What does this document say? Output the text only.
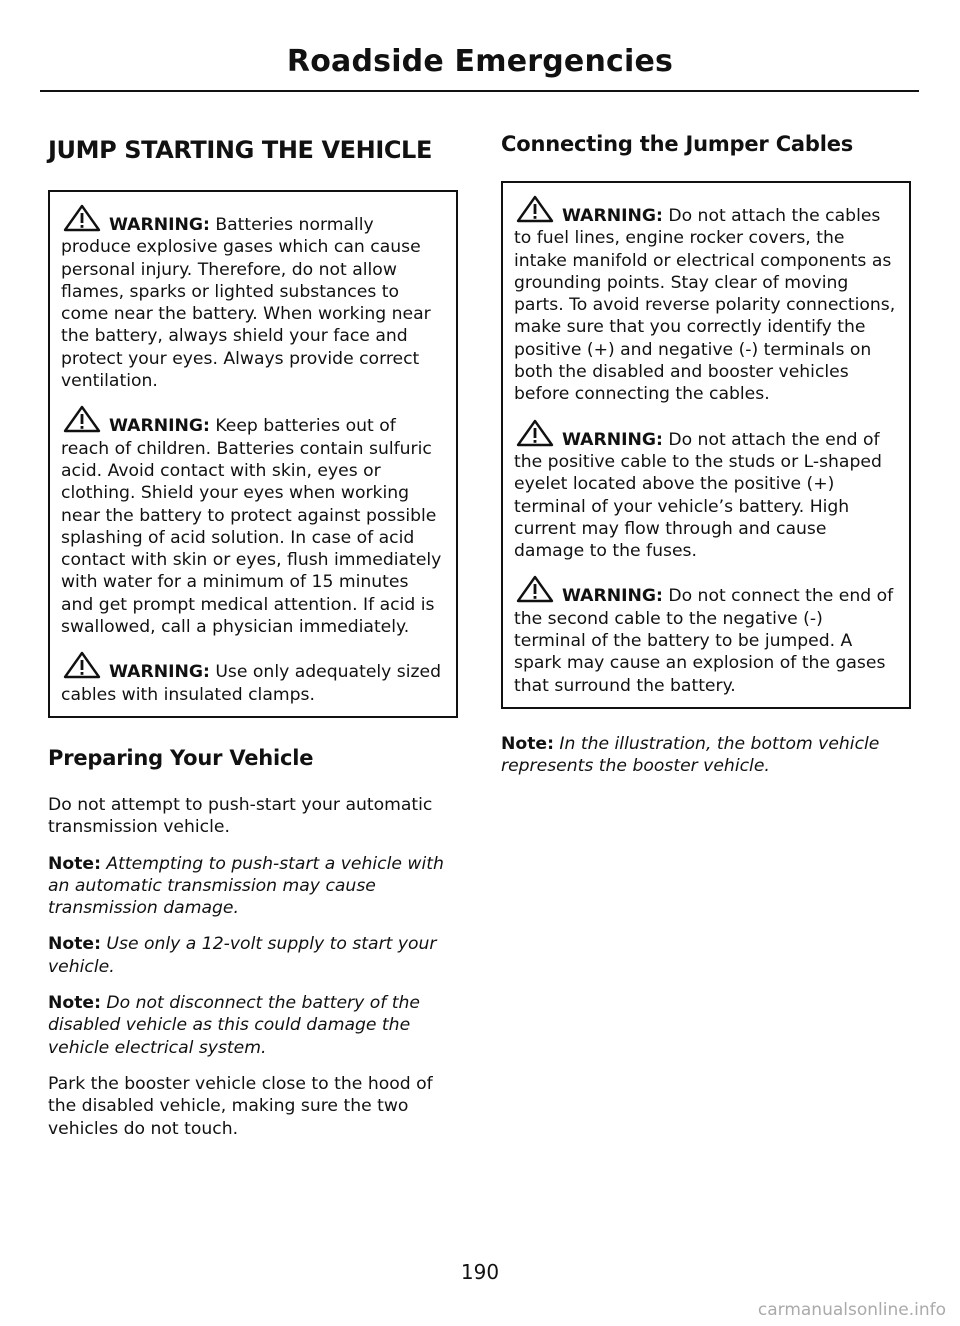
Roadside Emergencies
JUMP STARTING THE VEHICLE

WARNING: Batteries normally produce explosive gases which can cause personal injury. Therefore, do not allow flames, sparks or lighted substances to come near the battery. When working near the battery, always shield your face and protect your eyes. Always provide correct ventilation.

WARNING: Keep batteries out of reach of children. Batteries contain sulfuric acid. Avoid contact with skin, eyes or clothing. Shield your eyes when working near the battery to protect against possible splashing of acid solution. In case of acid contact with skin or eyes, flush immediately with water for a minimum of 15 minutes and get prompt medical attention. If acid is swallowed, call a physician immediately.

WARNING: Use only adequately sized cables with insulated clamps.

Preparing Your Vehicle

Do not attempt to push-start your automatic transmission vehicle.

Note: Attempting to push-start a vehicle with an automatic transmission may cause transmission damage.

Note: Use only a 12-volt supply to start your vehicle.

Note: Do not disconnect the battery of the disabled vehicle as this could damage the vehicle electrical system.

Park the booster vehicle close to the hood of the disabled vehicle, making sure the two vehicles do not touch.

Connecting the Jumper Cables

WARNING: Do not attach the cables to fuel lines, engine rocker covers, the intake manifold or electrical components as grounding points. Stay clear of moving parts. To avoid reverse polarity connections, make sure that you correctly identify the positive (+) and negative (-) terminals on both the disabled and booster vehicles before connecting the cables.

WARNING: Do not attach the end of the positive cable to the studs or L-shaped eyelet located above the positive (+) terminal of your vehicle’s battery. High current may flow through and cause damage to the fuses.

WARNING: Do not connect the end of the second cable to the negative (-) terminal of the battery to be jumped. A spark may cause an explosion of the gases that surround the battery.

Note: In the illustration, the bottom vehicle represents the booster vehicle.

190
carmanualsonline.info
